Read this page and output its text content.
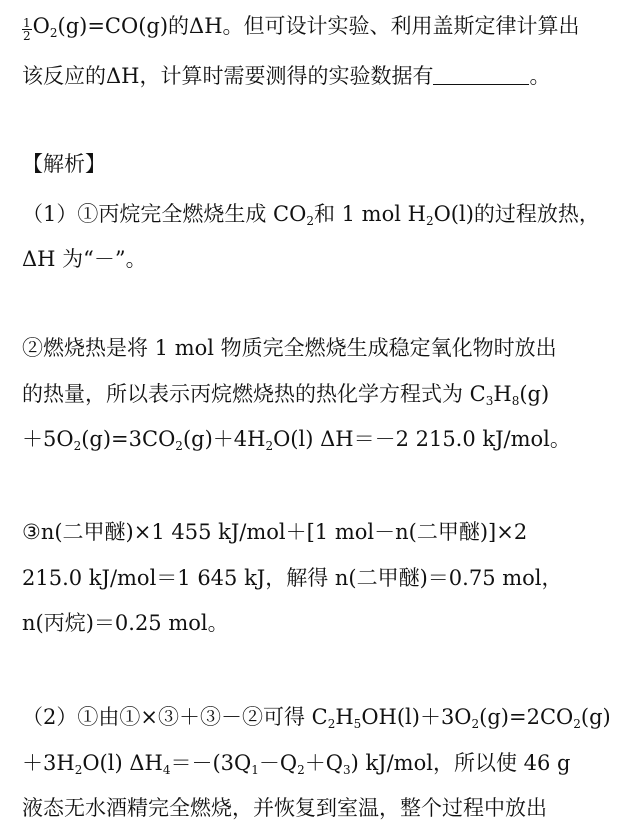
$\frac{1}{2} O_2(g)=CO(g)$的ΔH。但可设计实验、利用盖斯定律计算出
该反应的ΔH，计算时需要测得的实验数据有	。
【解析】
（1）①丙烷完全燃烧生成 $CO_2$和 1 mol $H_2O(l)$的过程放热，
ΔH 为“－”。
②燃烧热是将 1 mol 物质完全燃烧生成稳定氧化物时放出
的热量，所以表示丙烷燃烧热的热化学方程式为 $C_3H_8(g)$
$+5O_2(g)=3CO_2(g)+4H_2O(l)$ ΔH＝－2 215.0 kJ/mol。
③n(二甲醚)×1 455 kJ/mol＋[1 mol－n(二甲醚)]×2
215.0 kJ/mol＝1 645 kJ，解得 n(二甲醚)＝0.75 mol，
n(丙烷)＝0.25 mol。
（2）①由①×③＋③－②可得 $C_2H_5OH(l)+3O_2(g)=2CO_2(g)$
$+3H_2O(l)$ $\Delta H_4=-(3Q_1-Q_2+Q_3)$ kJ/mol，所以使 46 g
液态无水酒精完全燃烧，并恢复到室温，整个过程中放出
